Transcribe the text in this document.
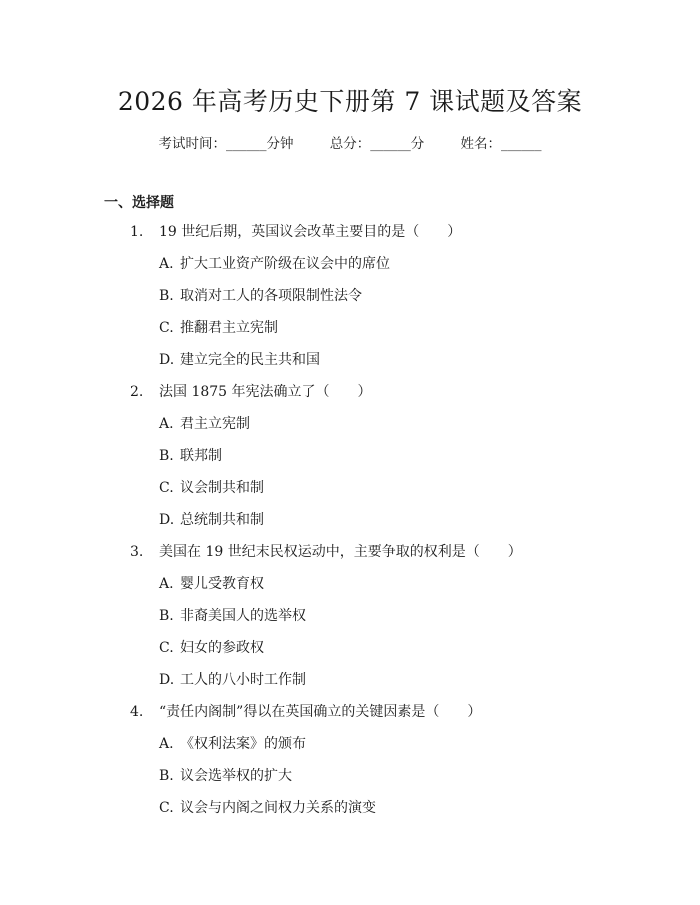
2026 年高考历史下册第 7 课试题及答案
考试时间：______分钟	总分：______分	姓名：______
一、选择题
1. 19 世纪后期，英国议会改革主要目的是（　　）
A. 扩大工业资产阶级在议会中的席位
B. 取消对工人的各项限制性法令
C. 推翻君主立宪制
D. 建立完全的民主共和国
2. 法国 1875 年宪法确立了（　　）
A. 君主立宪制
B. 联邦制
C. 议会制共和制
D. 总统制共和制
3. 美国在 19 世纪末民权运动中，主要争取的权利是（　　）
A. 婴儿受教育权
B. 非裔美国人的选举权
C. 妇女的参政权
D. 工人的八小时工作制
4. “责任内阁制”得以在英国确立的关键因素是（　　）
A. 《权利法案》的颁布
B. 议会选举权的扩大
C. 议会与内阁之间权力关系的演变
